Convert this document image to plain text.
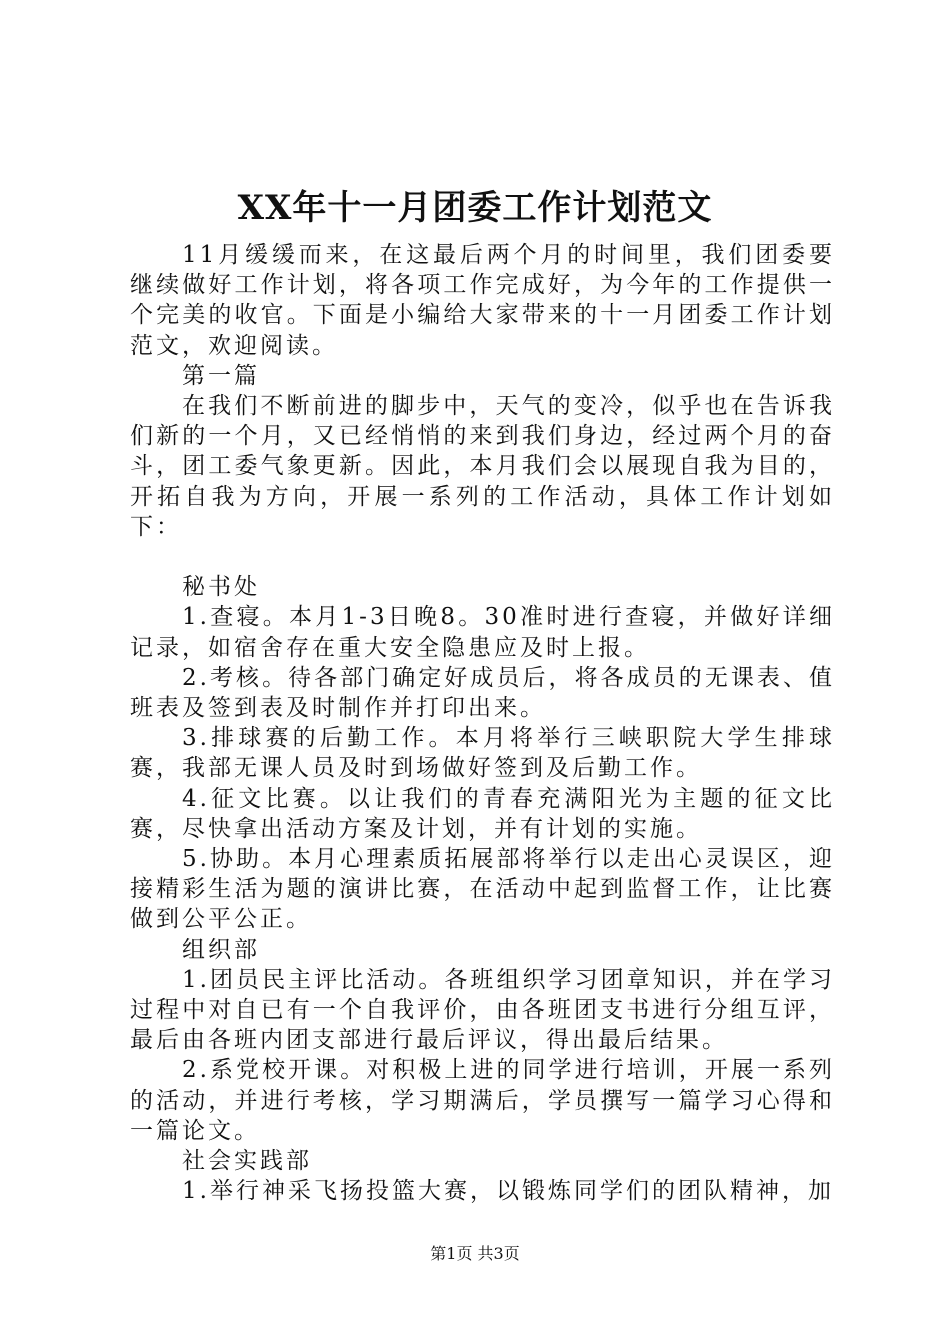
XX年十一月团委工作计划范文

11月缓缓而来，在这最后两个月的时间里，我们团委要继续做好工作计划，将各项工作完成好，为今年的工作提供一个完美的收官。下面是小编给大家带来的十一月团委工作计划范文，欢迎阅读。

第一篇

在我们不断前进的脚步中，天气的变冷，似乎也在告诉我们新的一个月，又已经悄悄的来到我们身边，经过两个月的奋斗，团工委气象更新。因此，本月我们会以展现自我为目的，开拓自我为方向，开展一系列的工作活动，具体工作计划如下：

秘书处

1.查寝。本月1-3日晚8。30准时进行查寝，并做好详细记录，如宿舍存在重大安全隐患应及时上报。

2.考核。待各部门确定好成员后，将各成员的无课表、值班表及签到表及时制作并打印出来。

3.排球赛的后勤工作。本月将举行三峡职院大学生排球赛，我部无课人员及时到场做好签到及后勤工作。

4.征文比赛。以让我们的青春充满阳光为主题的征文比赛，尽快拿出活动方案及计划，并有计划的实施。

5.协助。本月心理素质拓展部将举行以走出心灵误区，迎接精彩生活为题的演讲比赛，在活动中起到监督工作，让比赛做到公平公正。

组织部

1.团员民主评比活动。各班组织学习团章知识，并在学习过程中对自已有一个自我评价，由各班团支书进行分组互评，最后由各班内团支部进行最后评议，得出最后结果。

2.系党校开课。对积极上进的同学进行培训，开展一系列的活动，并进行考核，学习期满后，学员撰写一篇学习心得和一篇论文。

社会实践部

1.举行神采飞扬投篮大赛，以锻炼同学们的团队精神，加

第1页 共3页
